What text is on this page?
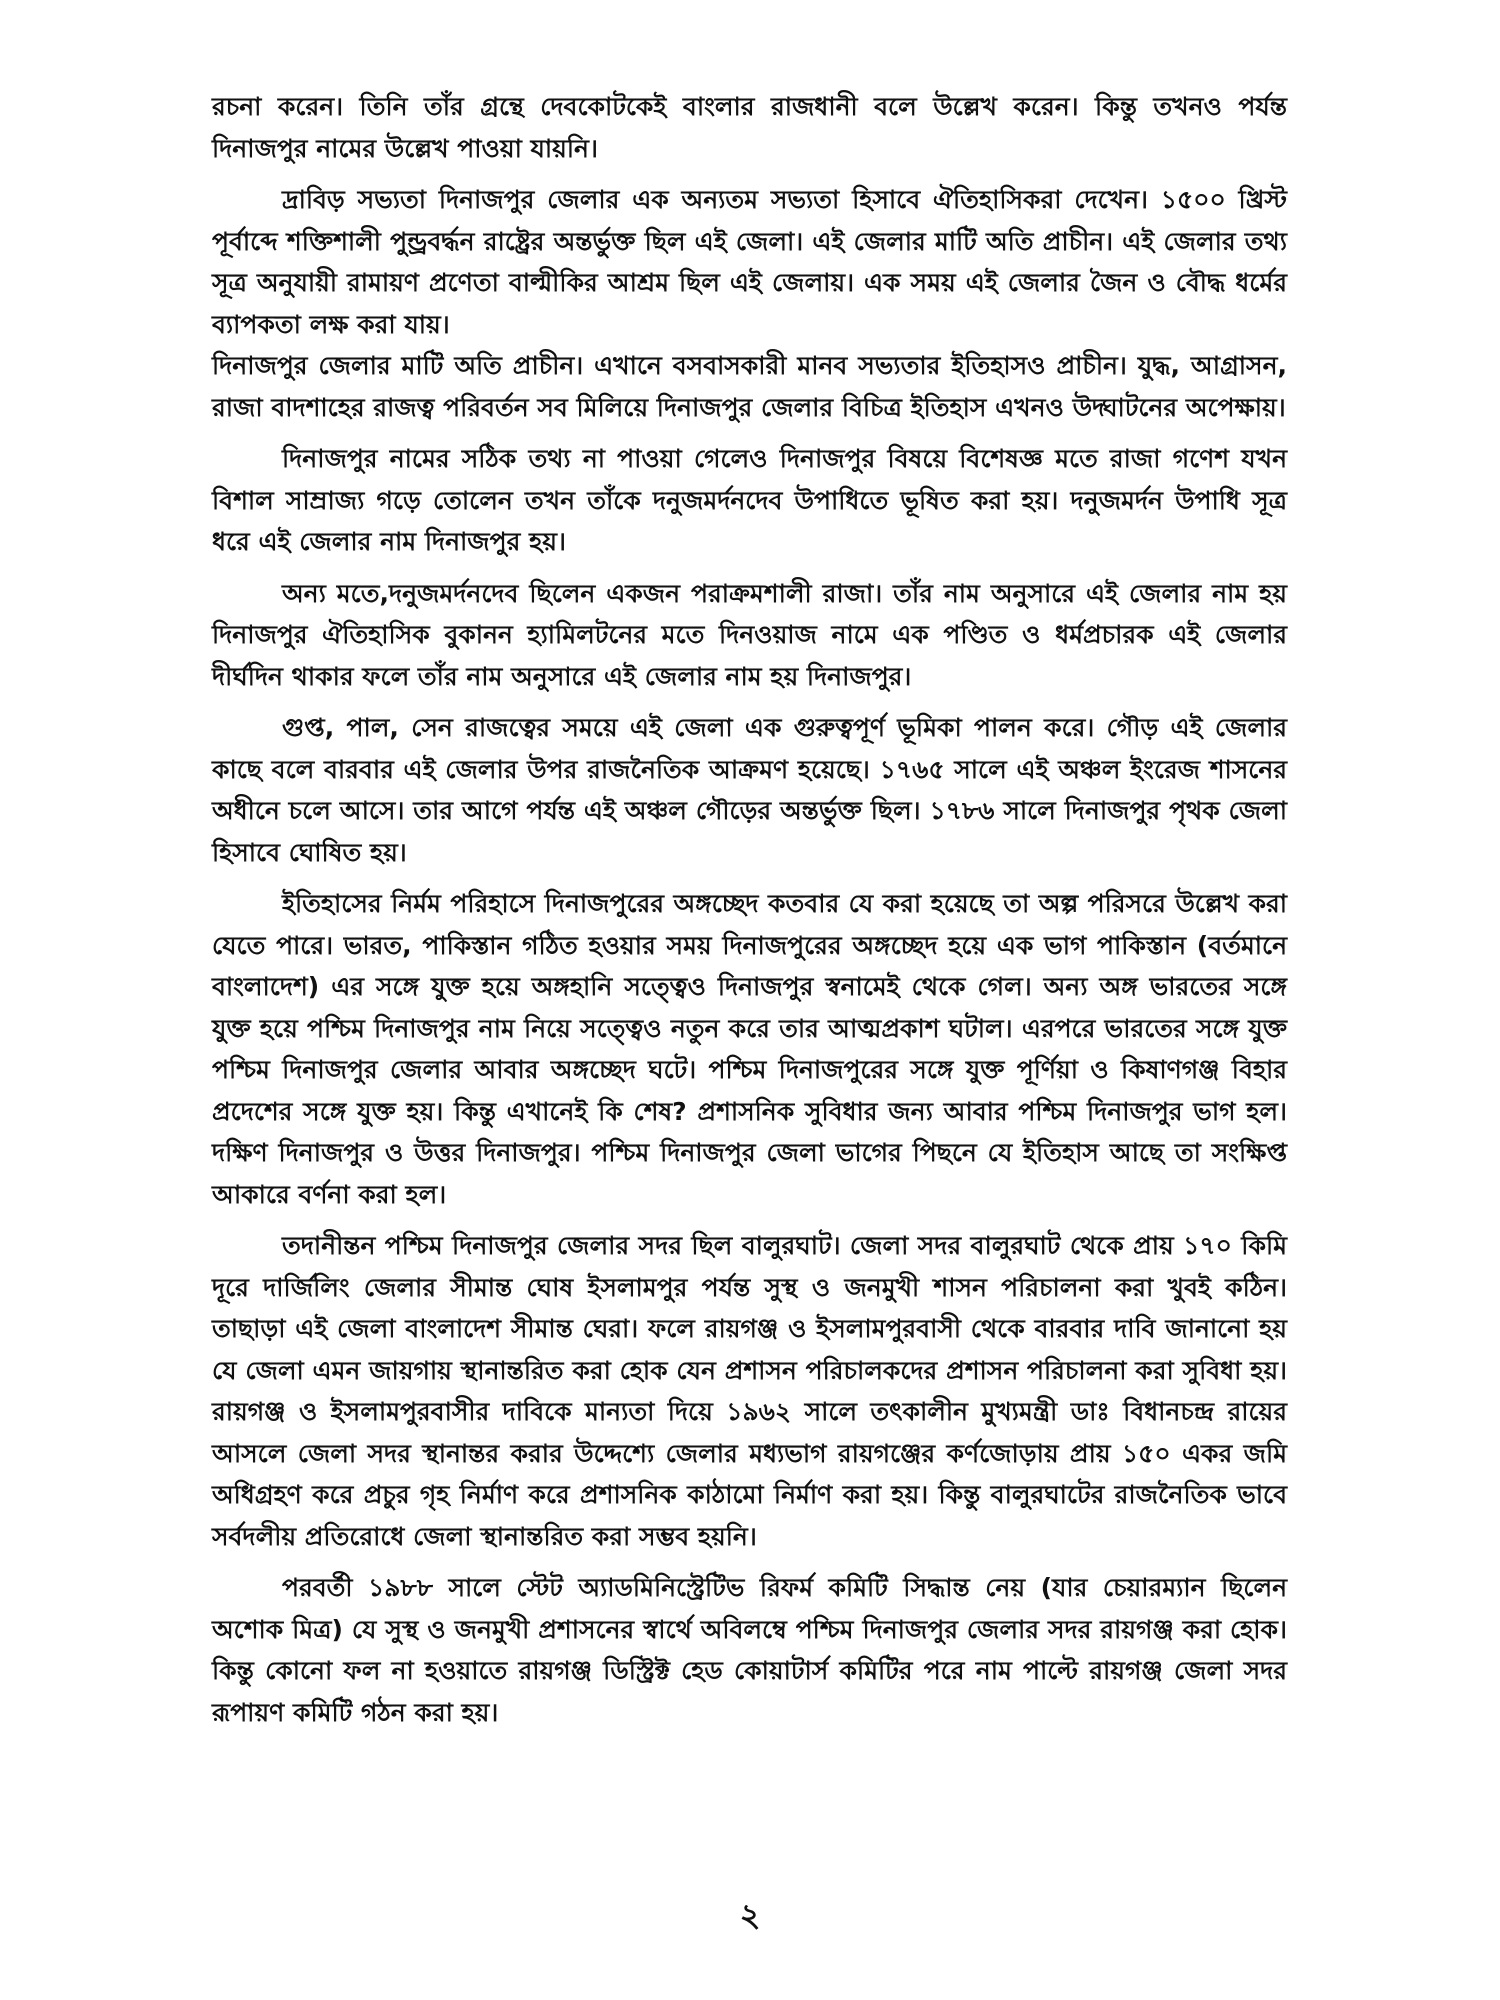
রচনা করেন। তিনি তাঁর গ্রন্থে দেবকোটকেই বাংলার রাজধানী বলে উল্লেখ করেন। কিন্তু তখনও পর্যন্ত দিনাজপুর নামের উল্লেখ পাওয়া যায়নি।

দ্রাবিড় সভ্যতা দিনাজপুর জেলার এক অন্যতম সভ্যতা হিসাবে ঐতিহাসিকরা দেখেন। ১৫০০ খ্রিস্ট পূর্বাব্দে শক্তিশালী পুন্ড্রবর্দ্ধন রাষ্ট্রের অন্তর্ভুক্ত ছিল এই জেলা। এই জেলার মাটি অতি প্রাচীন। এই জেলার তথ্য সূত্র অনুযায়ী রামায়ণ প্রণেতা বাল্মীকির আশ্রম ছিল এই জেলায়। এক সময় এই জেলার জৈন ও বৌদ্ধ ধর্মের ব্যাপকতা লক্ষ করা যায়।

দিনাজপুর জেলার মাটি অতি প্রাচীন। এখানে বসবাসকারী মানব সভ্যতার ইতিহাসও প্রাচীন। যুদ্ধ, আগ্রাসন, রাজা বাদশাহের রাজত্ব পরিবর্তন সব মিলিয়ে দিনাজপুর জেলার বিচিত্র ইতিহাস এখনও উদ্ঘাটনের অপেক্ষায়।

দিনাজপুর নামের সঠিক তথ্য না পাওয়া গেলেও দিনাজপুর বিষয়ে বিশেষজ্ঞ মতে রাজা গণেশ যখন বিশাল সাম্রাজ্য গড়ে তোলেন তখন তাঁকে দনুজমর্দনদেব উপাধিতে ভূষিত করা হয়। দনুজমর্দন উপাধি সূত্র ধরে এই জেলার নাম দিনাজপুর হয়।

অন্য মতে,দনুজমর্দনদেব ছিলেন একজন পরাক্রমশালী রাজা। তাঁর নাম অনুসারে এই জেলার নাম হয় দিনাজপুর ঐতিহাসিক বুকানন হ্যামিলটনের মতে দিনওয়াজ নামে এক পণ্ডিত ও ধর্মপ্রচারক এই জেলার দীর্ঘদিন থাকার ফলে তাঁর নাম অনুসারে এই জেলার নাম হয় দিনাজপুর।

গুপ্ত, পাল, সেন রাজত্বের সময়ে এই জেলা এক গুরুত্বপূর্ণ ভূমিকা পালন করে। গৌড় এই জেলার কাছে বলে বারবার এই জেলার উপর রাজনৈতিক আক্রমণ হয়েছে। ১৭৬৫ সালে এই অঞ্চল ইংরেজ শাসনের অধীনে চলে আসে। তার আগে পর্যন্ত এই অঞ্চল গৌড়ের অন্তর্ভুক্ত ছিল। ১৭৮৬ সালে দিনাজপুর পৃথক জেলা হিসাবে ঘোষিত হয়।

ইতিহাসের নির্মম পরিহাসে দিনাজপুরের অঙ্গচ্ছেদ কতবার যে করা হয়েছে তা অল্প পরিসরে উল্লেখ করা যেতে পারে। ভারত, পাকিস্তান গঠিত হওয়ার সময় দিনাজপুরের অঙ্গচ্ছেদ হয়ে এক ভাগ পাকিস্তান (বর্তমানে বাংলাদেশ) এর সঙ্গে যুক্ত হয়ে অঙ্গহানি সত্ত্বেও দিনাজপুর স্বনামেই থেকে গেল। অন্য অঙ্গ ভারতের সঙ্গে যুক্ত হয়ে পশ্চিম দিনাজপুর নাম নিয়ে সত্ত্বেও নতুন করে তার আত্মপ্রকাশ ঘটাল। এরপরে ভারতের সঙ্গে যুক্ত পশ্চিম দিনাজপুর জেলার আবার অঙ্গচ্ছেদ ঘটে। পশ্চিম দিনাজপুরের সঙ্গে যুক্ত পূর্ণিয়া ও কিষাণগঞ্জ বিহার প্রদেশের সঙ্গে যুক্ত হয়। কিন্তু এখানেই কি শেষ? প্রশাসনিক সুবিধার জন্য আবার পশ্চিম দিনাজপুর ভাগ হল। দক্ষিণ দিনাজপুর ও উত্তর দিনাজপুর। পশ্চিম দিনাজপুর জেলা ভাগের পিছনে যে ইতিহাস আছে তা সংক্ষিপ্ত আকারে বর্ণনা করা হল।

তদানীন্তন পশ্চিম দিনাজপুর জেলার সদর ছিল বালুরঘাট। জেলা সদর বালুরঘাট থেকে প্রায় ১৭০ কিমি দূরে দার্জিলিং জেলার সীমান্ত ঘোষ ইসলামপুর পর্যন্ত সুস্থ ও জনমুখী শাসন পরিচালনা করা খুবই কঠিন। তাছাড়া এই জেলা বাংলাদেশ সীমান্ত ঘেরা। ফলে রায়গঞ্জ ও ইসলামপুরবাসী থেকে বারবার দাবি জানানো হয় যে জেলা এমন জায়গায় স্থানান্তরিত করা হোক যেন প্রশাসন পরিচালকদের প্রশাসন পরিচালনা করা সুবিধা হয়। রায়গঞ্জ ও ইসলামপুরবাসীর দাবিকে মান্যতা দিয়ে ১৯৬২ সালে তৎকালীন মুখ্যমন্ত্রী ডাঃ বিধানচন্দ্র রায়ের আসলে জেলা সদর স্থানান্তর করার উদ্দেশ্যে জেলার মধ্যভাগ রায়গঞ্জের কর্ণজোড়ায় প্রায় ১৫০ একর জমি অধিগ্রহণ করে প্রচুর গৃহ নির্মাণ করে প্রশাসনিক কাঠামো নির্মাণ করা হয়। কিন্তু বালুরঘাটের রাজনৈতিক ভাবে সর্বদলীয় প্রতিরোধে জেলা স্থানান্তরিত করা সম্ভব হয়নি।

পরবর্তী ১৯৮৮ সালে স্টেট অ্যাডমিনিস্ট্রেটিভ রিফর্ম কমিটি সিদ্ধান্ত নেয় (যার চেয়ারম্যান ছিলেন অশোক মিত্র) যে সুস্থ ও জনমুখী প্রশাসনের স্বার্থে অবিলম্বে পশ্চিম দিনাজপুর জেলার সদর রায়গঞ্জ করা হোক। কিন্তু কোনো ফল না হওয়াতে রায়গঞ্জ ডিস্ট্রিক্ট হেড কোয়াটার্স কমিটির পরে নাম পাল্টে রায়গঞ্জ জেলা সদর রূপায়ণ কমিটি গঠন করা হয়।

২
